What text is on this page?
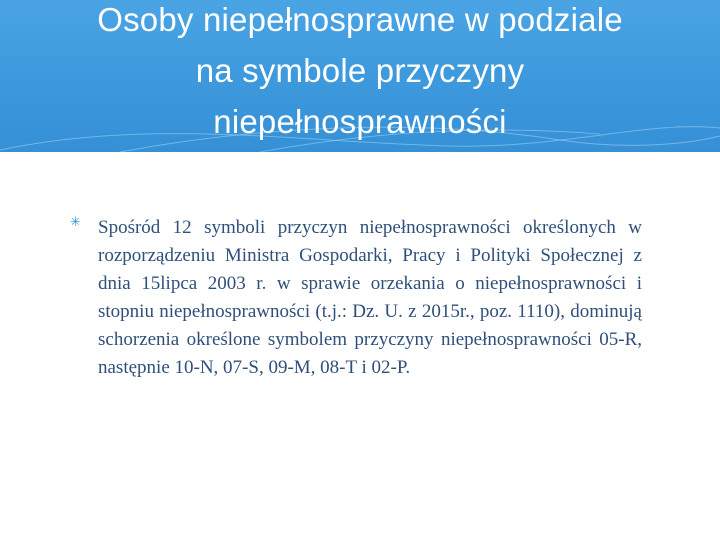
Osoby niepełnosprawne w podziale
na symbole przyczyny
niepełnosprawności
✳ Spośród 12 symboli przyczyn niepełnosprawności określonych w rozporządzeniu Ministra Gospodarki, Pracy i Polityki Społecznej z dnia 15lipca 2003 r. w sprawie orzekania o niepełnosprawności i stopniu niepełnosprawności (t.j.: Dz. U. z 2015r., poz. 1110), dominują schorzenia określone symbolem przyczyny niepełnosprawności 05-R, następnie 10-N, 07-S, 09-M, 08-T i 02-P.
